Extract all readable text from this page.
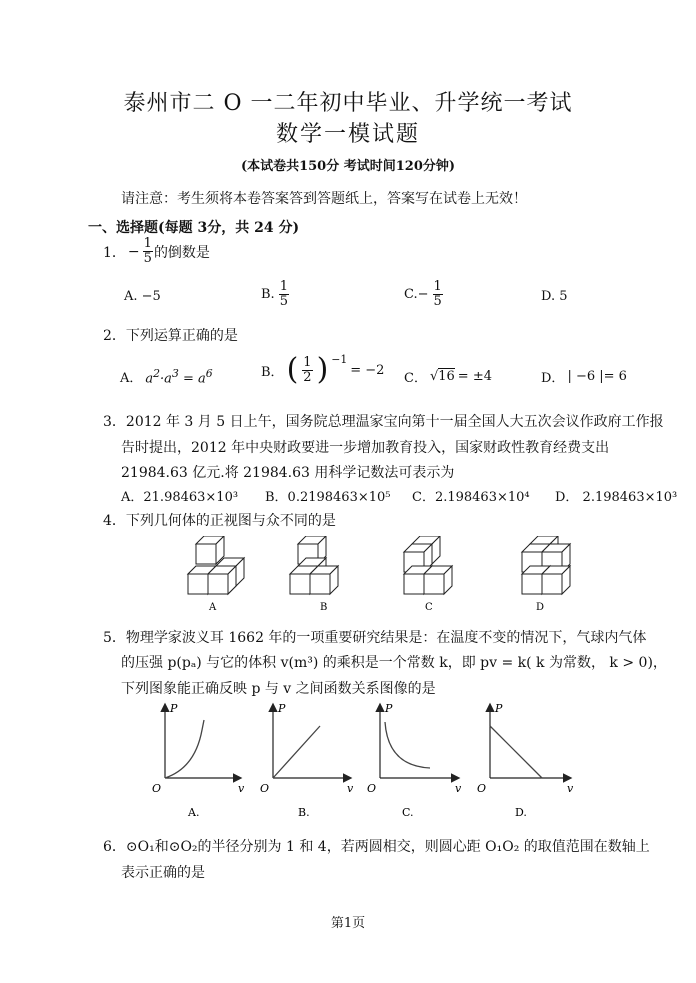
泰州市二 O 一二年初中毕业、升学统一考试
数学一模试题
(本试卷共150分 考试时间120分钟)
请注意：考生须将本卷答案答到答题纸上，答案写在试卷上无效！
一、选择题(每题 3分，共 24 分)
1． − $\frac{1}{5}$ 的倒数是
A. −5	B. $\frac{1}{5}$	$C.- \frac{1}{5}$	D. 5
2．下列运算正确的是
A． $a^2\cdot a^3 = a^6$	B． ( $\frac{1}{2}$ ) $^{-1}$
= −2
C． √16 = ±4	D． | −6 |= 6
3．2012 年 3 月 5 日上午，国务院总理温家宝向第十一届全国人大五次会议作政府工作报
告时提出，2012 年中央财政要进一步增加教育投入，国家财政性教育经费支出
21984.63 亿元.将 21984.63 用科学记数法可表示为
A．21.98463×10³ B．0.2198463×10⁵ C．2.198463×10⁴ D． 2.198463×10³
4．下列几何体的正视图与众不同的是
A	B	C	D
5．物理学家波义耳 1662 年的一项重要研究结果是：在温度不变的情况下，气球内气体
的压强 p(pₐ) 与它的体积 v(m³) 的乘积是一个常数 k，即 pv = k( k 为常数， k > 0)，
下列图象能正确反映 p 与 v 之间函数关系图像的是
P
v
O
A.
P
v
O
B.
P
v
O
C.
P
v
O
D.
6．⊙O₁和⊙O₂的半径分别为 1 和 4，若两圆相交，则圆心距 O₁O₂ 的取值范围在数轴上
表示正确的是
第1页
